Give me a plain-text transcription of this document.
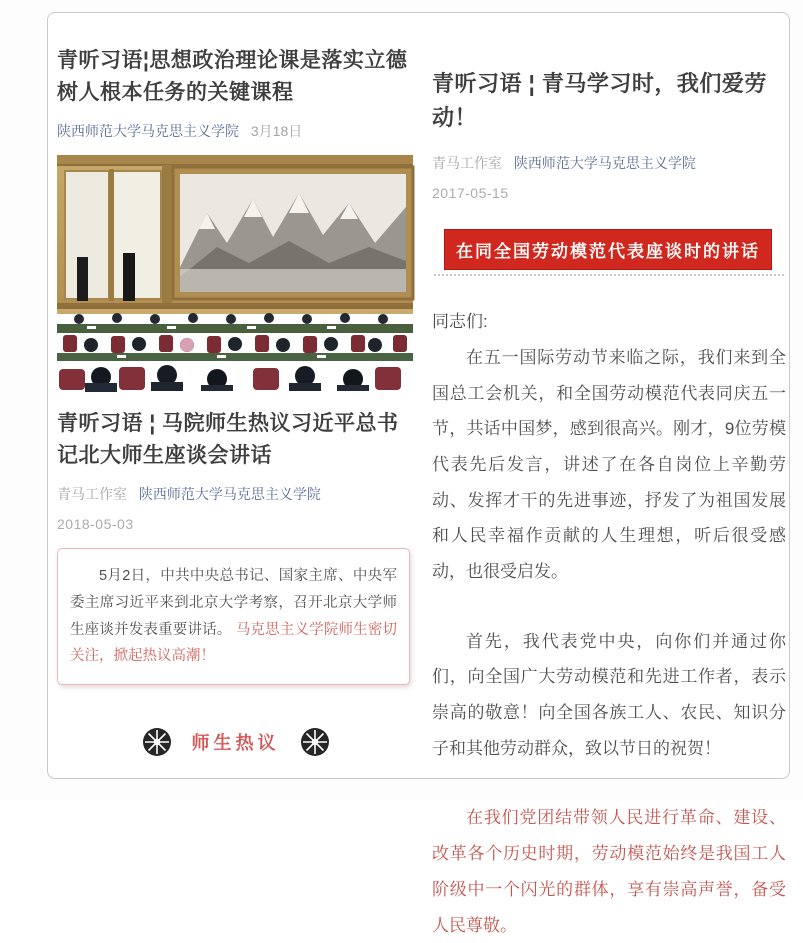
青听习语¦思想政治理论课是落实立德树人根本任务的关键课程
陕西师范大学马克思主义学院 3月18日
青听习语 ¦ 马院师生热议习近平总书记北大师生座谈会讲话
青马工作室 陕西师范大学马克思主义学院
2018-05-03
5月2日，中共中央总书记、国家主席、中央军委主席习近平来到北京大学考察，召开北京大学师生座谈并发表重要讲话。 马克思主义学院师生密切关注，掀起热议高潮！
师生热议
青听习语 ¦ 青马学习时，我们爱劳动！
青马工作室 陕西师范大学马克思主义学院
2017-05-15
在同全国劳动模范代表座谈时的讲话

同志们:

在五一国际劳动节来临之际，我们来到全国总工会机关，和全国劳动模范代表同庆五一节，共话中国梦，感到很高兴。刚才，9位劳模代表先后发言，讲述了在各自岗位上辛勤劳动、发挥才干的先进事迹，抒发了为祖国发展和人民幸福作贡献的人生理想，听后很受感动，也很受启发。

首先，我代表党中央，向你们并通过你们，向全国广大劳动模范和先进工作者，表示崇高的敬意！向全国各族工人、农民、知识分子和其他劳动群众，致以节日的祝贺！

在我们党团结带领人民进行革命、建设、改革各个历史时期，劳动模范始终是我国工人阶级中一个闪光的群体，享有崇高声誉，备受人民尊敬。
